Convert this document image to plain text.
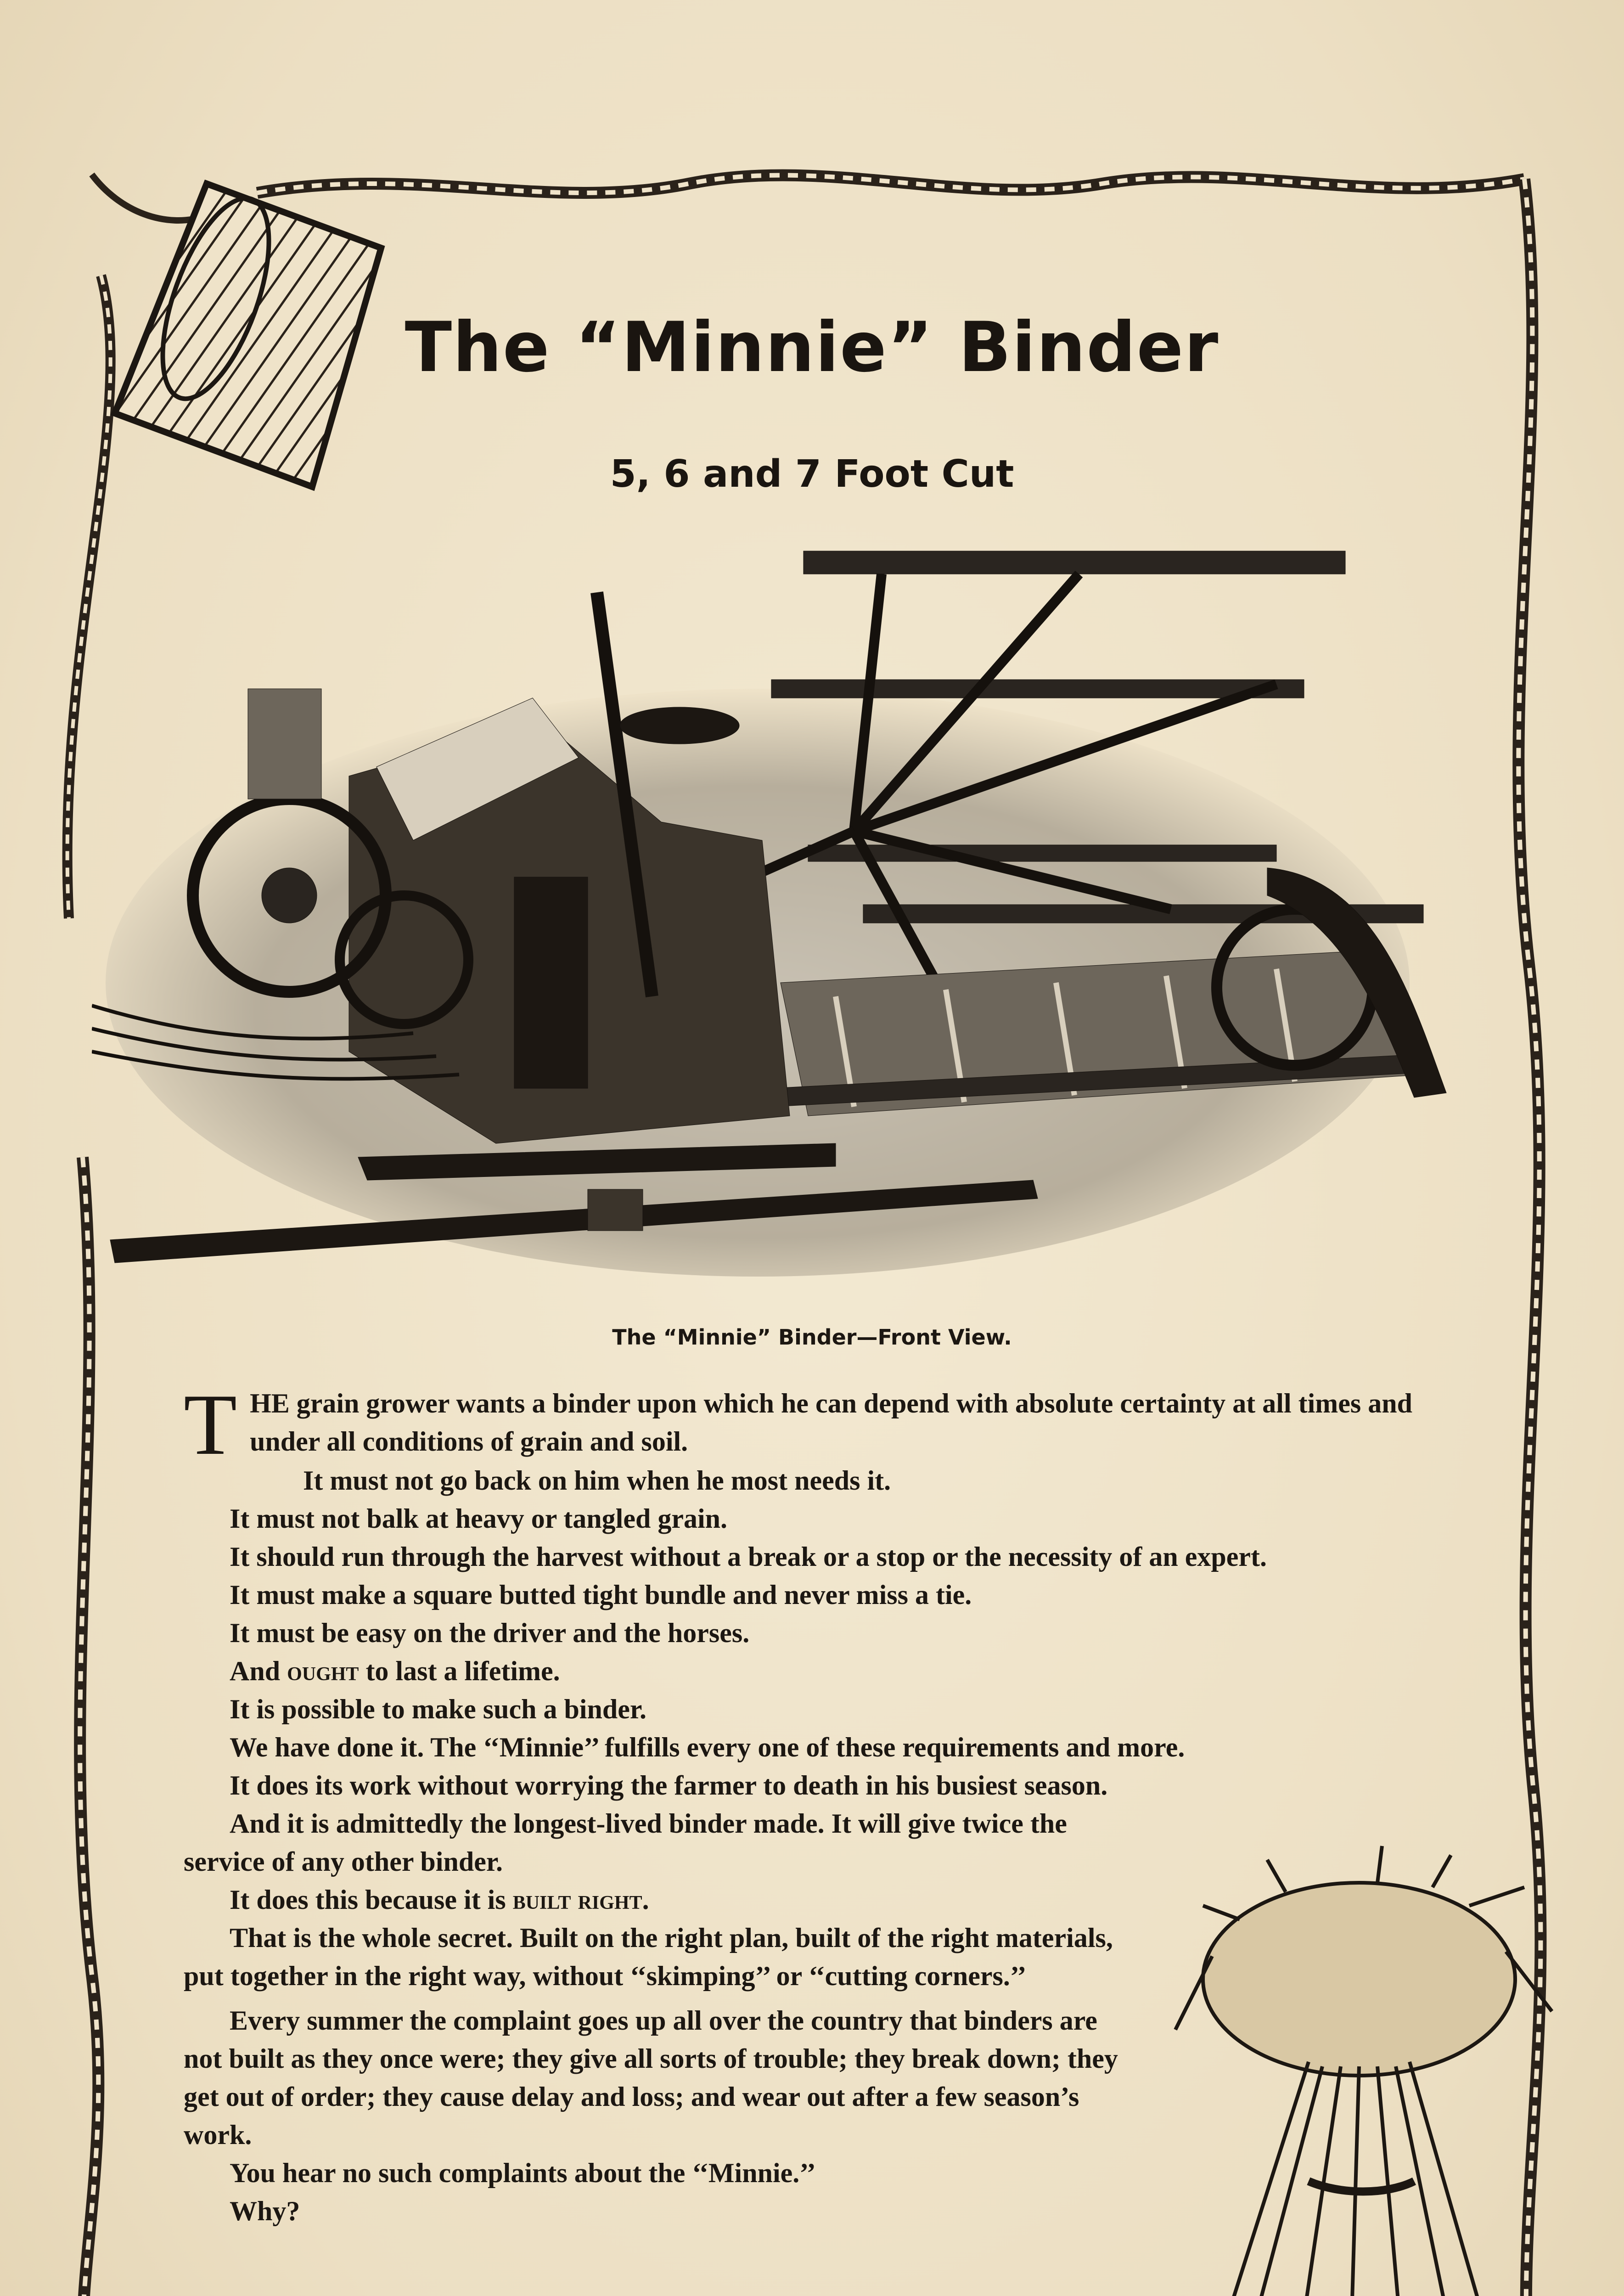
The “Minnie” Binder
5, 6 and 7 Foot Cut
The “Minnie” Binder—Front View.

THE grain grower wants a binder upon which he can depend with absolute certainty at all times and under all conditions of grain and soil.

It must not go back on him when he most needs it.

It must not balk at heavy or tangled grain.

It should run through the harvest without a break or a stop or the necessity of an expert.

It must make a square butted tight bundle and never miss a tie.

It must be easy on the driver and the horses.

And ought to last a lifetime.

It is possible to make such a binder.

We have done it. The ‘‘Minnie’’ fulfills every one of these requirements and more.

It does its work without worrying the farmer to death in his busiest season.

And it is admittedly the longest-lived binder made. It will give twice the service of any other binder.

It does this because it is built right.

That is the whole secret. Built on the right plan, built of the right materials, put together in the right way, without ‘‘skimping’’ or ‘‘cutting corners.’’

Every summer the complaint goes up all over the country that binders are not built as they once were; they give all sorts of trouble; they break down; they get out of order; they cause delay and loss; and wear out after a few season’s work.

You hear no such complaints about the ‘‘Minnie.’’

Why?
